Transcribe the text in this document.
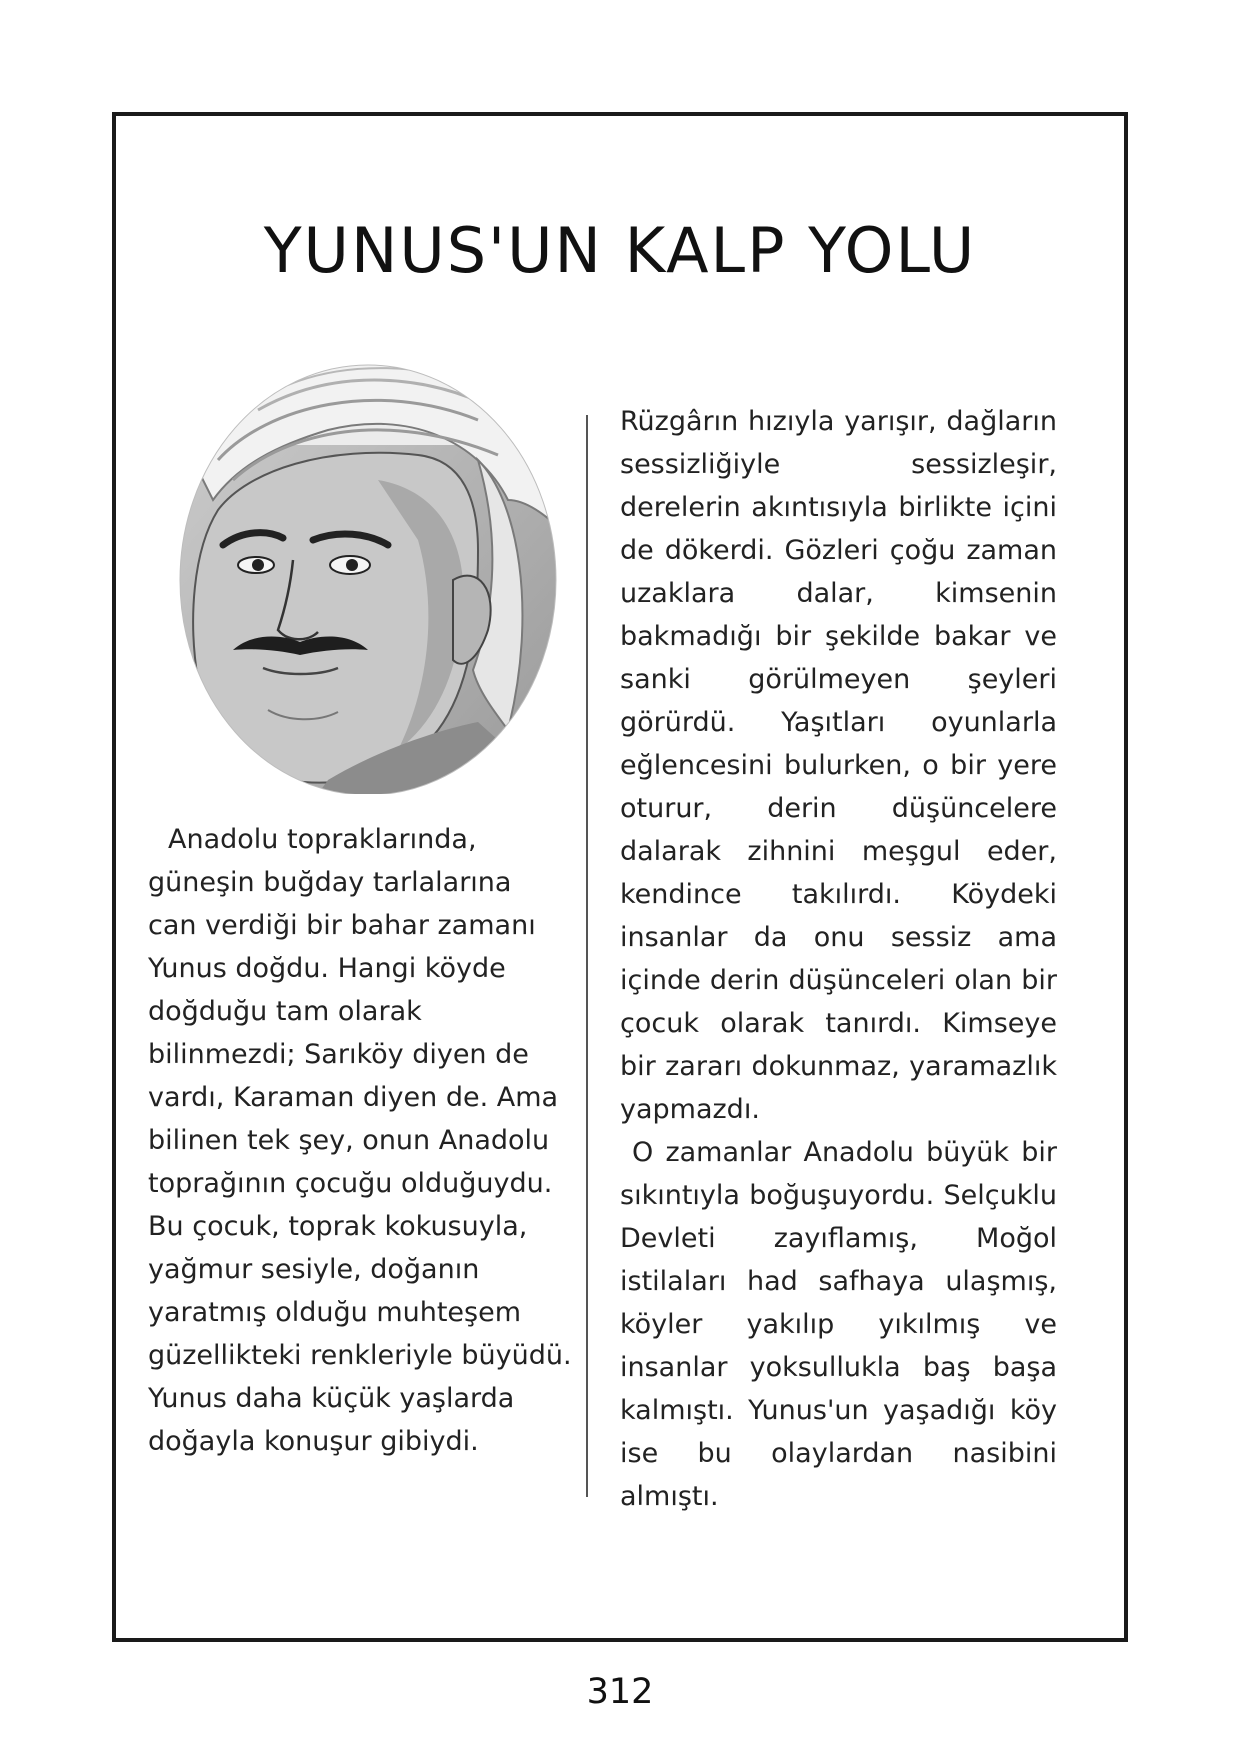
YUNUS'UN KALP YOLU
Anadolu topraklarında,
güneşin buğday tarlalarına
can verdiği bir bahar zamanı
Yunus doğdu. Hangi köyde
doğduğu tam olarak
bilinmezdi; Sarıköy diyen de
vardı, Karaman diyen de. Ama
bilinen tek şey, onun Anadolu
toprağının çocuğu olduğuydu.
Bu çocuk, toprak kokusuyla,
yağmur sesiyle, doğanın
yaratmış olduğu muhteşem
güzellikteki renkleriyle büyüdü.
Yunus daha küçük yaşlarda
doğayla konuşur gibiydi.

Rüzgârın hızıyla yarışır, dağların sessizliğiyle sessizleşir, derelerin akıntısıyla birlikte içini de dökerdi. Gözleri çoğu zaman uzaklara dalar, kimsenin bakmadığı bir şekilde bakar ve sanki görülmeyen şeyleri görürdü. Yaşıtları oyunlarla eğlencesini bulurken, o bir yere oturur, derin düşüncelere dalarak zihnini meşgul eder, kendince takılırdı. Köydeki insanlar da onu sessiz ama içinde derin düşünceleri olan bir çocuk olarak tanırdı. Kimseye bir zararı dokunmaz, yaramazlık yapmazdı.

O zamanlar Anadolu büyük bir sıkıntıyla boğuşuyordu. Selçuklu Devleti zayıflamış, Moğol istilaları had safhaya ulaşmış, köyler yakılıp yıkılmış ve insanlar yoksullukla baş başa kalmıştı. Yunus'un yaşadığı köy ise bu olaylardan nasibini almıştı.

312
